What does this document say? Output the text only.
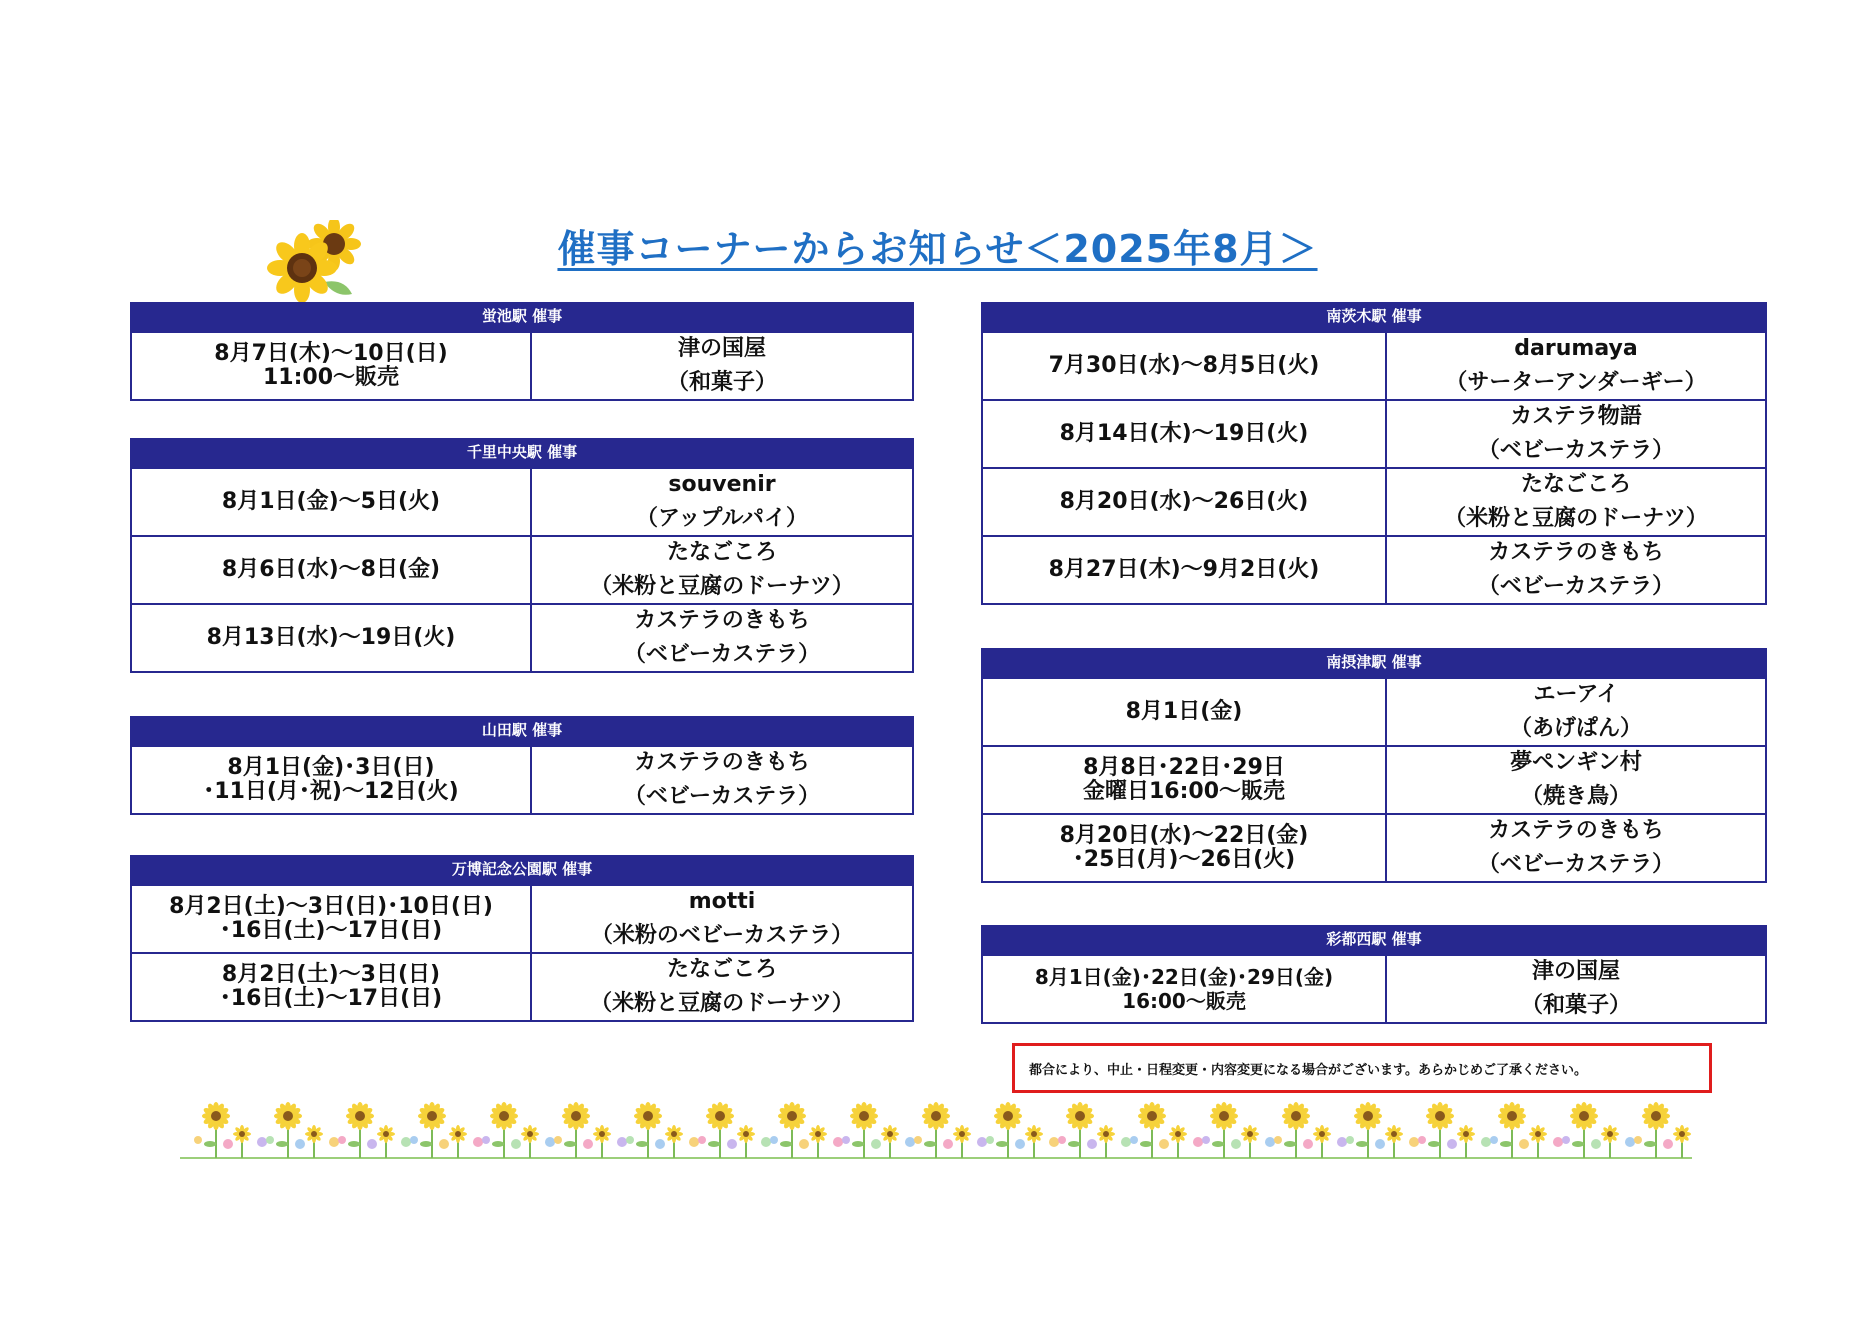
催事コーナーからお知らせ＜2025年8月＞
蛍池駅 催事
8月7日(木)～10日(日)
11:00～販売
津の国屋
（和菓子）
千里中央駅 催事
8月1日(金)～5日(火)
souvenir
（アップルパイ）
8月6日(水)～8日(金)
たなごころ
（米粉と豆腐のドーナツ）
8月13日(水)～19日(火)
カステラのきもち
（ベビーカステラ）
山田駅 催事
8月1日(金)･3日(日)
･11日(月･祝)～12日(火)
カステラのきもち
（ベビーカステラ）
万博記念公園駅 催事
8月2日(土)～3日(日)･10日(日)
･16日(土)～17日(日)
motti
（米粉のベビーカステラ）
8月2日(土)～3日(日)
･16日(土)～17日(日)
たなごころ
（米粉と豆腐のドーナツ）
南茨木駅 催事
7月30日(水)～8月5日(火)
darumaya
（サーターアンダーギー）
8月14日(木)～19日(火)
カステラ物語
（ベビーカステラ）
8月20日(水)～26日(火)
たなごころ
（米粉と豆腐のドーナツ）
8月27日(木)～9月2日(火)
カステラのきもち
（ベビーカステラ）
南摂津駅 催事
8月1日(金)
エーアイ
（あげぱん）
8月8日･22日･29日
金曜日16:00～販売
夢ペンギン村
（焼き鳥）
8月20日(水)～22日(金)
･25日(月)～26日(火)
カステラのきもち
（ベビーカステラ）
彩都西駅 催事
8月1日(金)･22日(金)･29日(金)
16:00～販売
津の国屋
（和菓子）
都合により、中止・日程変更・内容変更になる場合がございます。あらかじめご了承ください。
